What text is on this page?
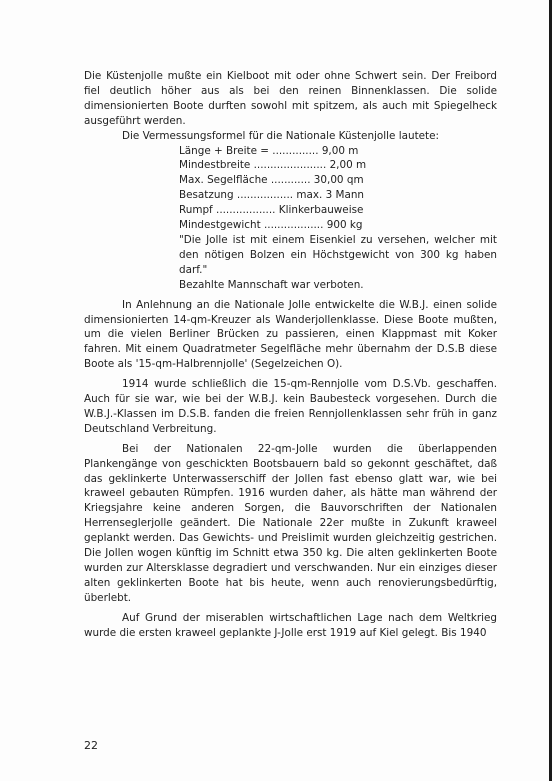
Die Küstenjolle mußte ein Kielboot mit oder ohne Schwert sein. Der Freibord fiel deutlich höher aus als bei den reinen Binnenklassen. Die solide dimensionierten Boote durften sowohl mit spitzem, als auch mit Spiegelheck ausgeführt werden.

Die Vermessungsformel für die Nationale Küstenjolle lautete:
Länge + Breite = .............. 9,00 m
Mindestbreite ...................... 2,00 m
Max. Segelfläche ............ 30,00 qm
Besatzung ................. max. 3 Mann
Rumpf .................. Klinkerbauweise
Mindestgewicht .................. 900 kg
"Die Jolle ist mit einem Eisenkiel zu versehen, welcher mit den nötigen Bolzen ein Höchstgewicht von 300 kg haben darf."
Bezahlte Mannschaft war verboten.

In Anlehnung an die Nationale Jolle entwickelte die W.B.J. einen solide dimensionierten 14-qm-Kreuzer als Wanderjollenklasse. Diese Boote mußten, um die vielen Berliner Brücken zu passieren, einen Klappmast mit Koker fahren. Mit einem Quadratmeter Segelfläche mehr übernahm der D.S.B diese Boote als '15-qm-Halbrennjolle' (Segelzeichen O).

1914 wurde schließlich die 15-qm-Rennjolle vom D.S.Vb. geschaffen. Auch für sie war, wie bei der W.B.J. kein Baubesteck vorgesehen. Durch die W.B.J.-Klassen im D.S.B. fanden die freien Rennjollenklassen sehr früh in ganz Deutschland Verbreitung.

Bei der Nationalen 22-qm-Jolle wurden die überlappenden Plankengänge von geschickten Bootsbauern bald so gekonnt geschäftet, daß das geklinkerte Unterwasserschiff der Jollen fast ebenso glatt war, wie bei kraweel gebauten Rümpfen. 1916 wurden daher, als hätte man während der Kriegsjahre keine anderen Sorgen, die Bauvorschriften der Nationalen Herrenseglerjolle geändert. Die Nationale 22er mußte in Zukunft kraweel geplankt werden. Das Gewichts- und Preislimit wurden gleichzeitig gestrichen. Die Jollen wogen künftig im Schnitt etwa 350 kg. Die alten geklinkerten Boote wurden zur Altersklasse degradiert und verschwanden. Nur ein einziges dieser alten geklinkerten Boote hat bis heute, wenn auch renovierungsbedürftig, überlebt.

Auf Grund der miserablen wirtschaftlichen Lage nach dem Weltkrieg wurde die ersten kraweel geplankte J-Jolle erst 1919 auf Kiel gelegt. Bis 1940

22
